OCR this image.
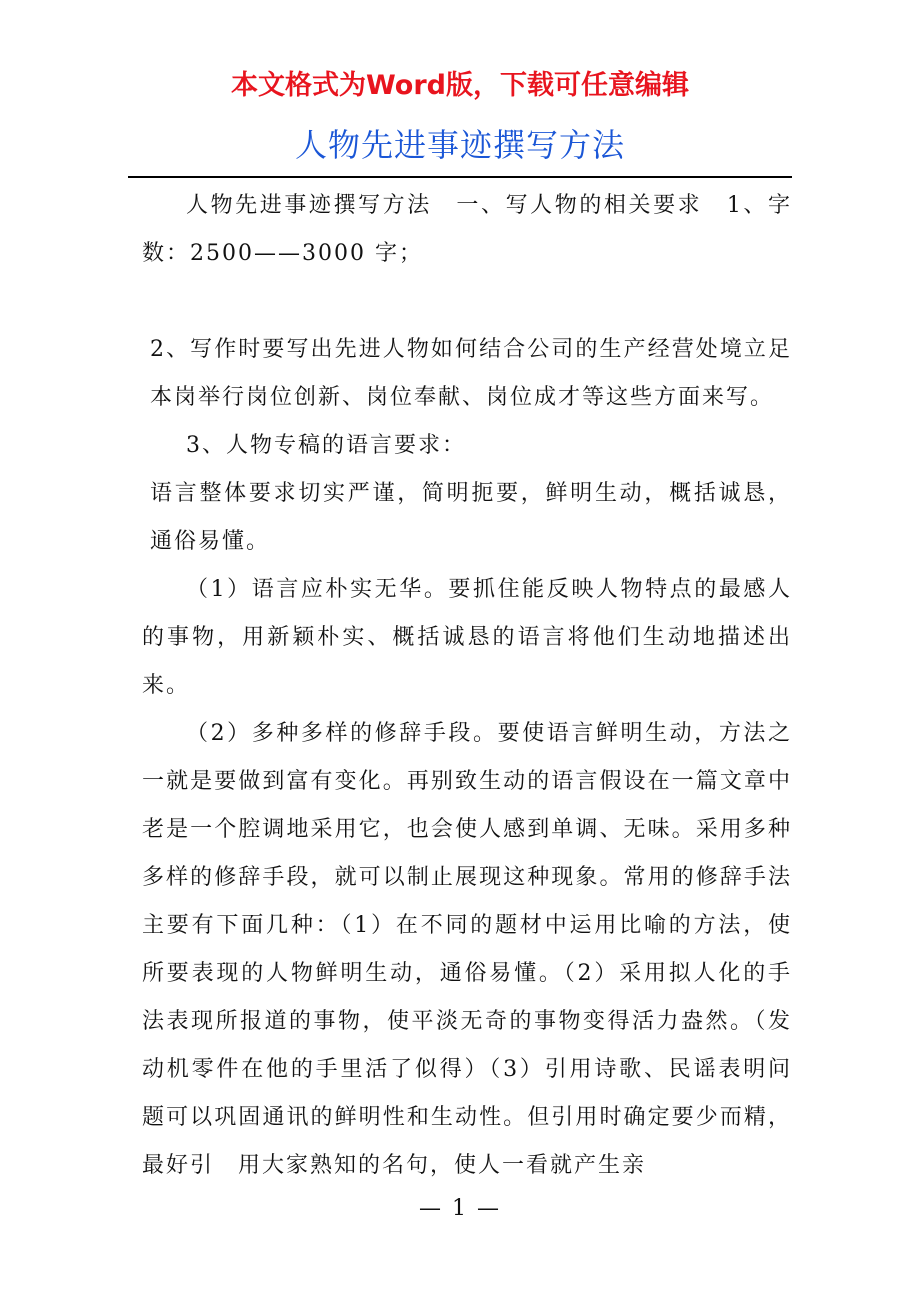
本文格式为Word版，下载可任意编辑
人物先进事迹撰写方法

人物先进事迹撰写方法　一、写人物的相关要求　1、字数：2500——3000 字；

2、写作时要写出先进人物如何结合公司的生产经营处境立足本岗举行岗位创新、岗位奉献、岗位成才等这些方面来写。

3、人物专稿的语言要求：

语言整体要求切实严谨，简明扼要，鲜明生动，概括诚恳，通俗易懂。

（1）语言应朴实无华。要抓住能反映人物特点的最感人的事物，用新颖朴实、概括诚恳的语言将他们生动地描述出来。

（2）多种多样的修辞手段。要使语言鲜明生动，方法之一就是要做到富有变化。再别致生动的语言假设在一篇文章中老是一个腔调地采用它，也会使人感到单调、无味。采用多种多样的修辞手段，就可以制止展现这种现象。常用的修辞手法主要有下面几种：（1）在不同的题材中运用比喻的方法，使所要表现的人物鲜明生动，通俗易懂。（2）采用拟人化的手法表现所报道的事物，使平淡无奇的事物变得活力盎然。（发动机零件在他的手里活了似得）（3）引用诗歌、民谣表明问题可以巩固通讯的鲜明性和生动性。但引用时确定要少而精，最好引　用大家熟知的名句，使人一看就产生亲

— 1 —
